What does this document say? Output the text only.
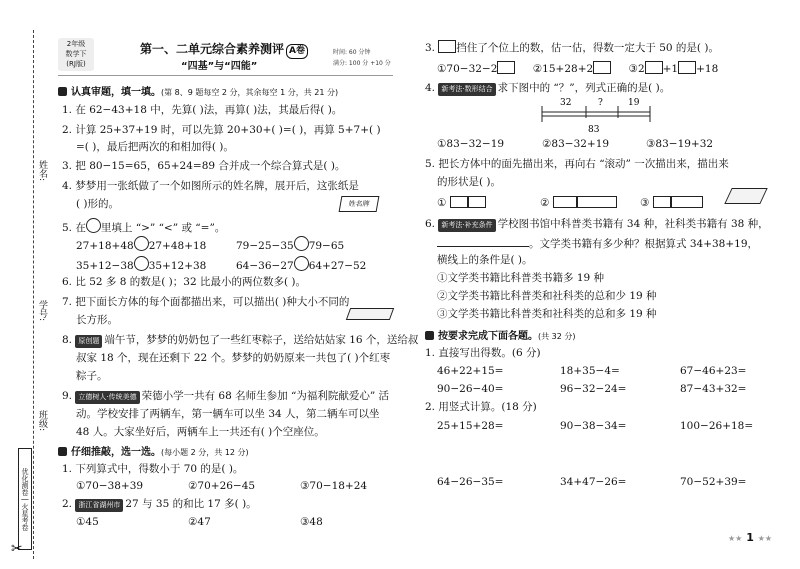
姓名:
学号:
班级:
优化测卷 | 火星考卷
✂
2年级
数学下
(RJ版)
第一、二单元综合素养测评 A卷
“四基”与“四能”
时间: 60 分钟
满分: 100 分 +10 分
认真审题，填一填。(第 8、9 题每空 2 分，其余每空 1 分，共 21 分)
1. 在 62−43+18 中，先算( )法，再算( )法，其最后得( )。
2. 计算 25+37+19 时，可以先算 20+30+( )=( )，再算 5+7+( )
=( )，最后把两次的和相加得( )。
3. 把 80−15=65，65+24=89 合并成一个综合算式是( )。
4. 梦梦用一张纸做了一个如图所示的姓名牌，展开后，这张纸是
( )形的。	姓名牌
5. 在 里填上 “>” “<” 或 “=”。
27+18+48 27+48+18	79−25−35 79−65
35+12−38 35+12+38	64−36−27 64+27−52
6. 比 52 多 8 的数是( )；32 比最小的两位数多( )。
7. 把下面长方体的每个面都描出来，可以描出( )种大小不同的
长方形。
8. 原创题 端午节，梦梦的奶奶包了一些红枣粽子，送给姑姑家 16 个，送给叔
叔家 18 个，现在还剩下 22 个。梦梦的奶奶原来一共包了( )个红枣
粽子。
9. 立德树人·传统美德 荣德小学一共有 68 名师生参加 “为福利院献爱心” 活
动。学校安排了两辆车，第一辆车可以坐 34 人，第二辆车可以坐
48 人。大家坐好后，两辆车上一共还有( )个空座位。
仔细推敲，选一选。(每小题 2 分，共 12 分)
1. 下列算式中，得数小于 70 的是( )。
①70−38+39	②70+26−45	③70−18+24
2. 浙江省湖州市 27 与 35 的和比 17 多( )。
①45	②47	③48
3. 挡住了个位上的数，估一估，得数一定大于 50 的是( )。
①70−32−2	②15+28+2	③2 +1 +18
4. 新考法·数形结合 求下图中的 “？”，列式正确的是( )。
32	?	19
83
①83−32−19	②83−32+19	③83−19+32
5. 把长方体中的面先描出来，再向右 “滚动” 一次描出来，描出来
的形状是( )。
①	②	③
6. 新考法·补充条件 学校图书馆中科普类书籍有 34 种，社科类书籍有 38 种，
。文学类书籍有多少种？根据算式 34+38+19，
横线上的条件是( )。
①文学类书籍比科普类书籍多 19 种
②文学类书籍比科普类和社科类的总和少 19 种
③文学类书籍比科普类和社科类的总和多 19 种
按要求完成下面各题。(共 32 分)
1. 直接写出得数。(6 分)
46+22+15=	18+35−4=	67−46+23=
90−26−40=	96−32−24=	87−43+32=
2. 用竖式计算。(18 分)
25+15+28=	90−38−34=	100−26+18=
64−26−35=	34+47−26=	70−52+39=
★★ 1 ★★
